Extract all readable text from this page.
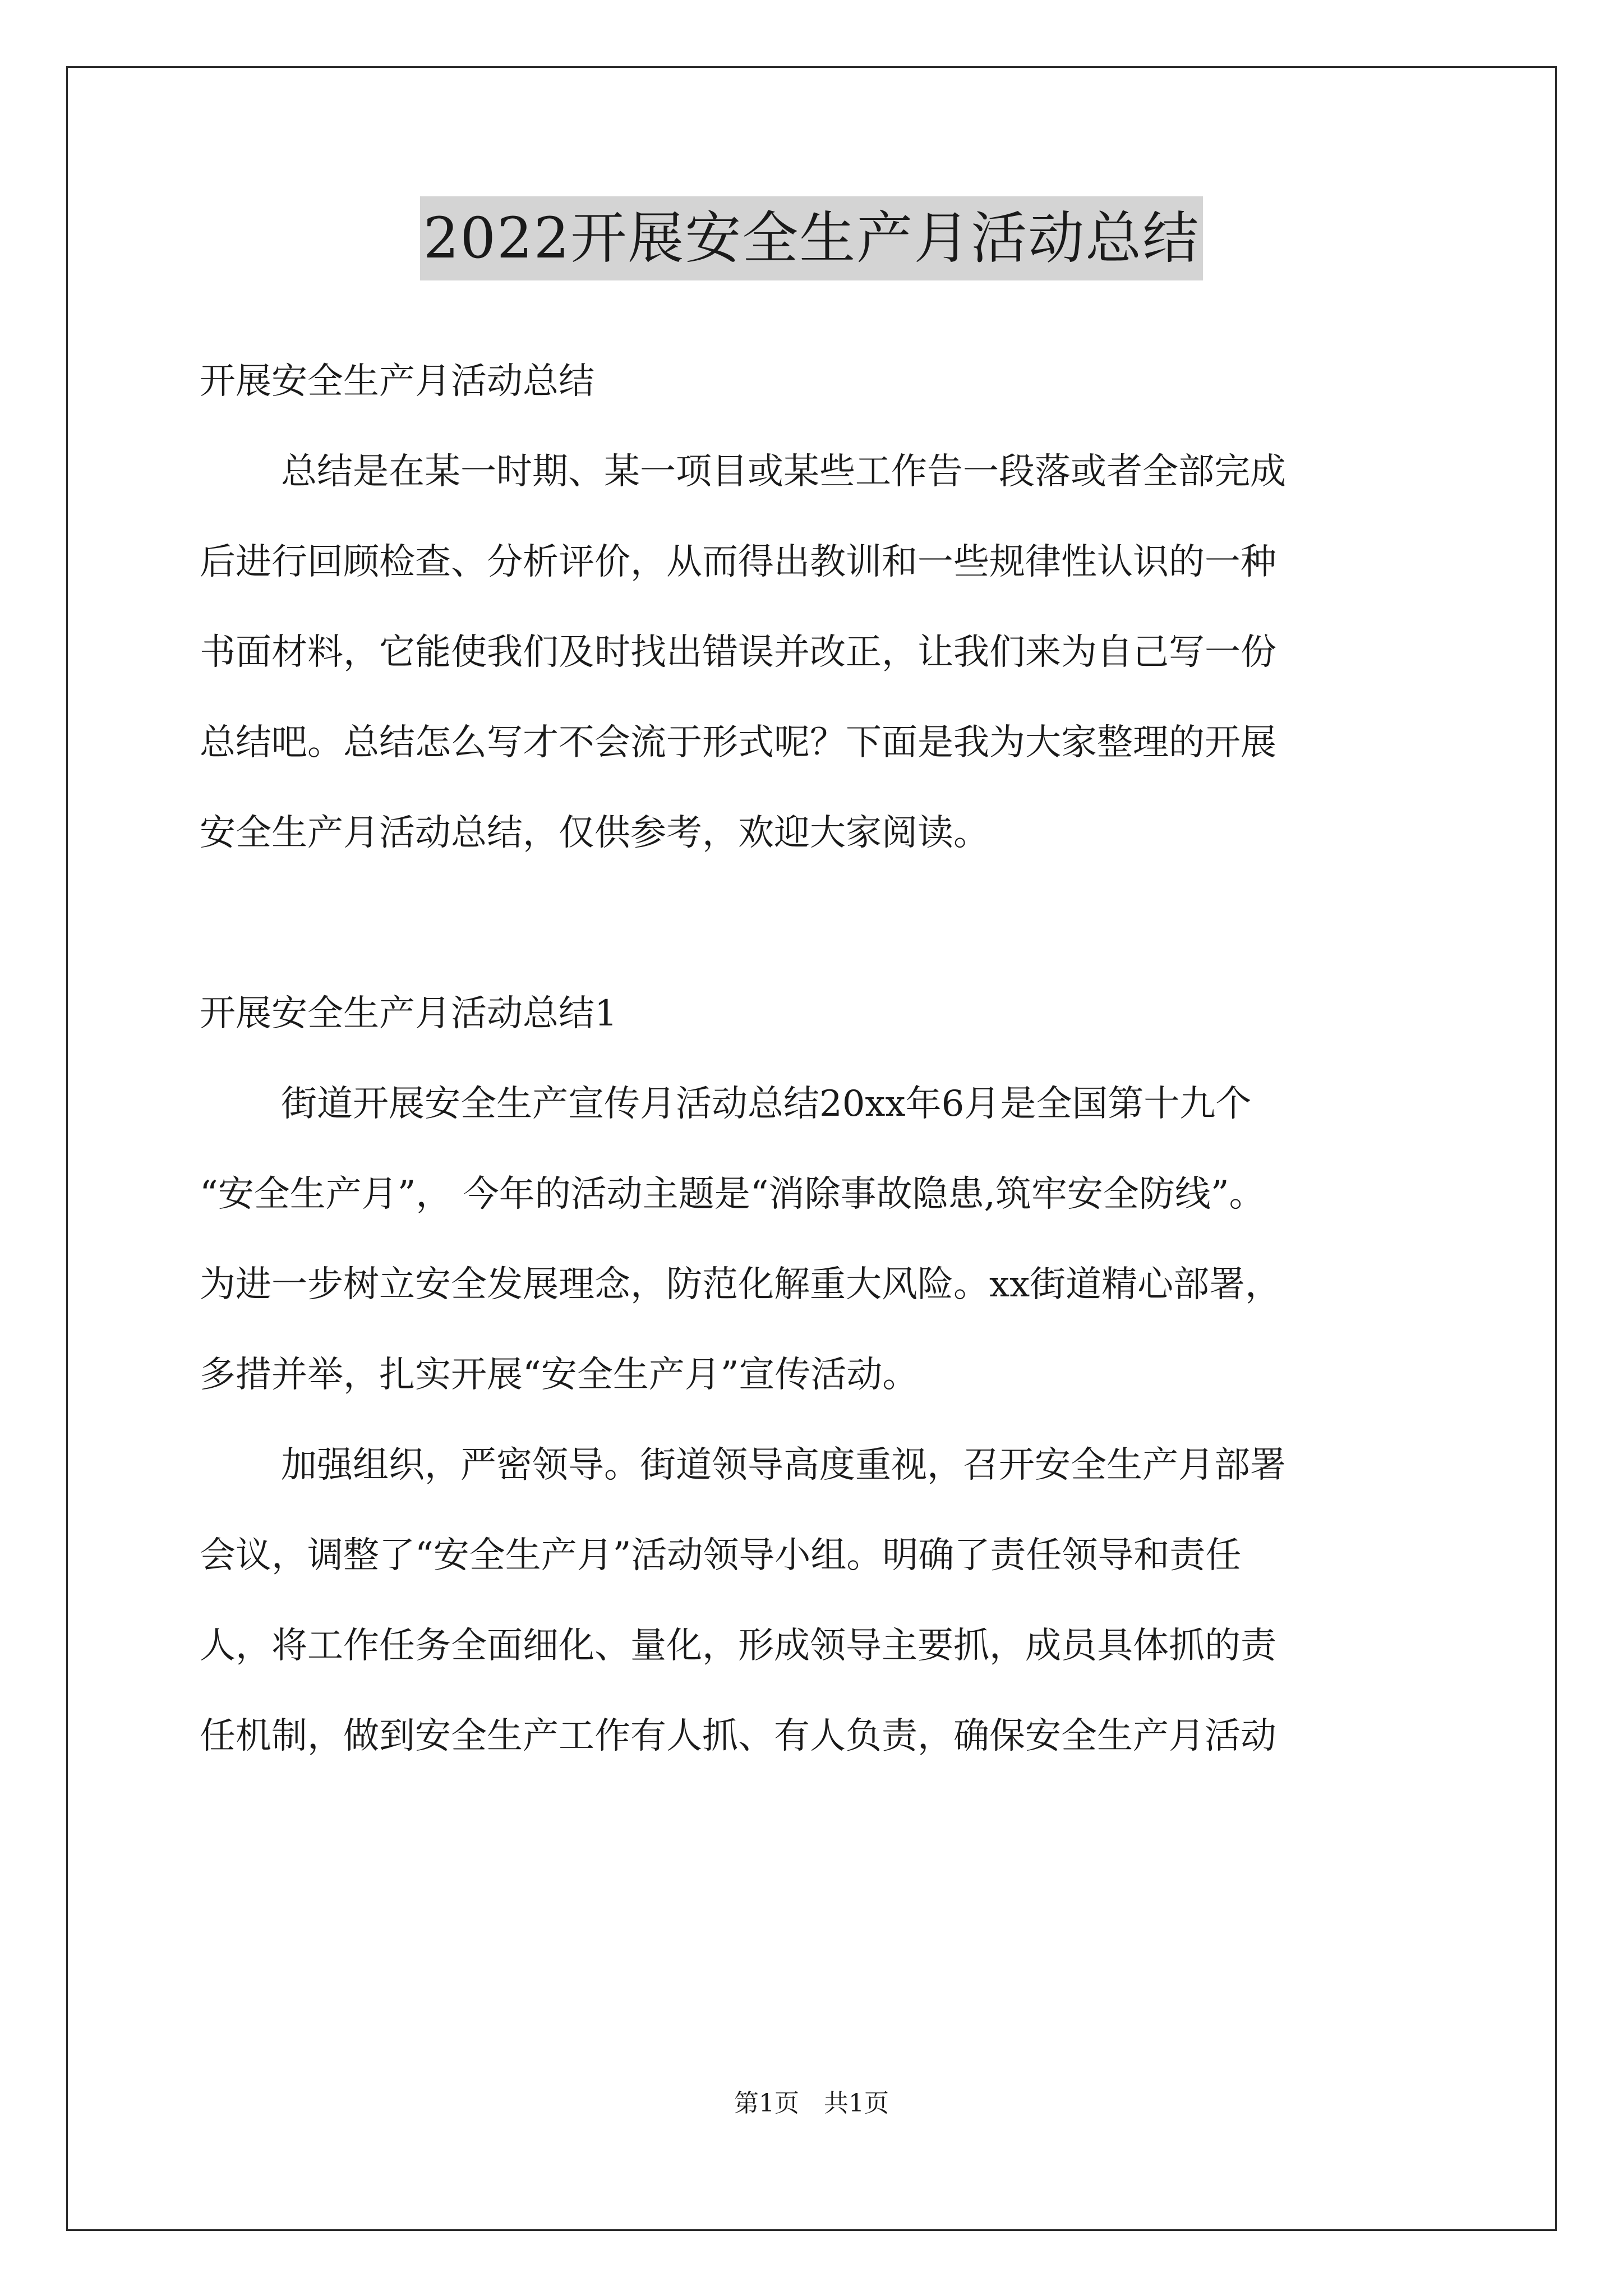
2022开展安全生产月活动总结
开展安全生产月活动总结
总结是在某一时期、某一项目或某些工作告一段落或者全部完成
后进行回顾检查、分析评价，从而得出教训和一些规律性认识的一种
书面材料，它能使我们及时找出错误并改正，让我们来为自己写一份
总结吧。总结怎么写才不会流于形式呢？下面是我为大家整理的开展
安全生产月活动总结，仅供参考，欢迎大家阅读。
开展安全生产月活动总结1
街道开展安全生产宣传月活动总结20xx年6月是全国第十九个
“安全生产月”， 今年的活动主题是“消除事故隐患,筑牢安全防线”。
为进一步树立安全发展理念，防范化解重大风险。xx街道精心部署，
多措并举，扎实开展“安全生产月”宣传活动。
加强组织，严密领导。街道领导高度重视，召开安全生产月部署
会议，调整了“安全生产月”活动领导小组。明确了责任领导和责任
人，将工作任务全面细化、量化，形成领导主要抓，成员具体抓的责
任机制，做到安全生产工作有人抓、有人负责，确保安全生产月活动
第1页　共1页
